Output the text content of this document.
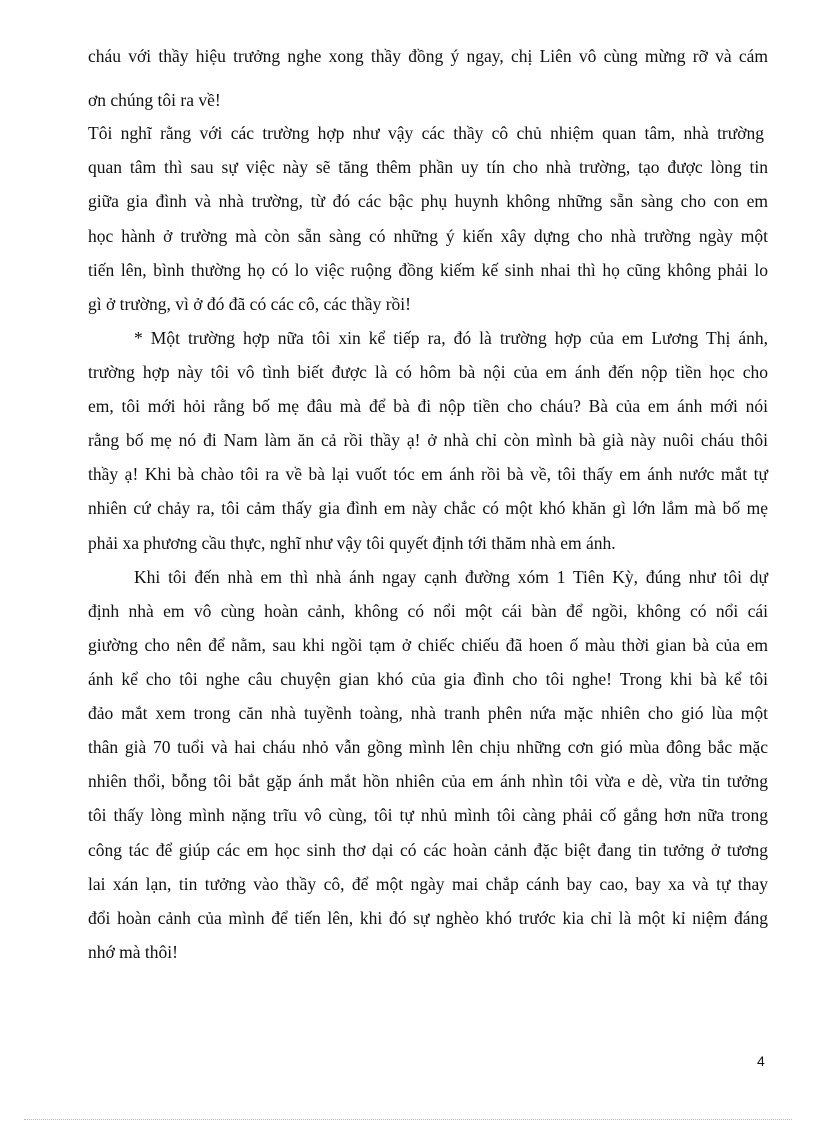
cháu với thầy hiệu trưởng nghe xong thầy đồng ý ngay, chị Liên vô cùng mừng rỡ và cám
ơn chúng tôi ra về!
Tôi nghĩ rằng với các trường hợp như vậy các thầy cô chủ nhiệm quan tâm, nhà trường
quan tâm thì sau sự việc này sẽ tăng thêm phần uy tín cho nhà trường, tạo được lòng tin
giữa gia đình và nhà trường, từ đó các bậc phụ huynh không những sẵn sàng cho con em
học hành ở trường mà còn sẵn sàng có những ý kiến xây dựng cho nhà trường ngày một
tiến lên, bình thường họ có lo việc ruộng đồng kiếm kế sinh nhai thì họ cũng không phải lo
gì ở trường, vì ở đó đã có các cô, các thầy rồi!
* Một trường hợp nữa tôi xin kể tiếp ra, đó là trường hợp của em Lương Thị ánh,
trường hợp này tôi vô tình biết được là có hôm bà nội của em ánh đến nộp tiền học cho
em, tôi mới hỏi rằng bố mẹ đâu mà để bà đi nộp tiền cho cháu? Bà của em ánh mới nói
rằng bố mẹ nó đi Nam làm ăn cả rồi thầy ạ! ở nhà chỉ còn mình bà già này nuôi cháu thôi
thầy ạ! Khi bà chào tôi ra về bà lại vuốt tóc em ánh rồi bà về, tôi thấy em ánh nước mắt tự
nhiên cứ chảy ra, tôi cảm thấy gia đình em này chắc có một khó khăn gì lớn lắm mà bố mẹ
phải xa phương cầu thực, nghĩ như vậy tôi quyết định tới thăm nhà em ánh.
Khi tôi đến nhà em thì nhà ánh ngay cạnh đường xóm 1 Tiên Kỳ, đúng như tôi dự
định nhà em vô cùng hoàn cảnh, không có nổi một cái bàn để ngồi, không có nổi cái
giường cho nên để nằm, sau khi ngồi tạm ở chiếc chiếu đã hoen ố màu thời gian bà của em
ánh kể cho tôi nghe câu chuyện gian khó của gia đình cho tôi nghe! Trong khi bà kể tôi
đảo mắt xem trong căn nhà tuyềnh toàng, nhà tranh phên nứa mặc nhiên cho gió lùa một
thân già 70 tuổi và hai cháu nhỏ vẫn gồng mình lên chịu những cơn gió mùa đông bắc mặc
nhiên thổi, bỗng tôi bắt gặp ánh mắt hồn nhiên của em ánh nhìn tôi vừa e dè, vừa tin tưởng
tôi thấy lòng mình nặng trĩu vô cùng, tôi tự nhủ mình tôi càng phải cố gắng hơn nữa trong
công tác để giúp các em học sinh thơ dại có các hoàn cảnh đặc biệt đang tin tưởng ở tương
lai xán lạn, tin tưởng vào thầy cô, để một ngày mai chắp cánh bay cao, bay xa và tự thay
đổi hoàn cảnh của mình để tiến lên, khi đó sự nghèo khó trước kia chỉ là một kỉ niệm đáng
nhớ mà thôi!
4
